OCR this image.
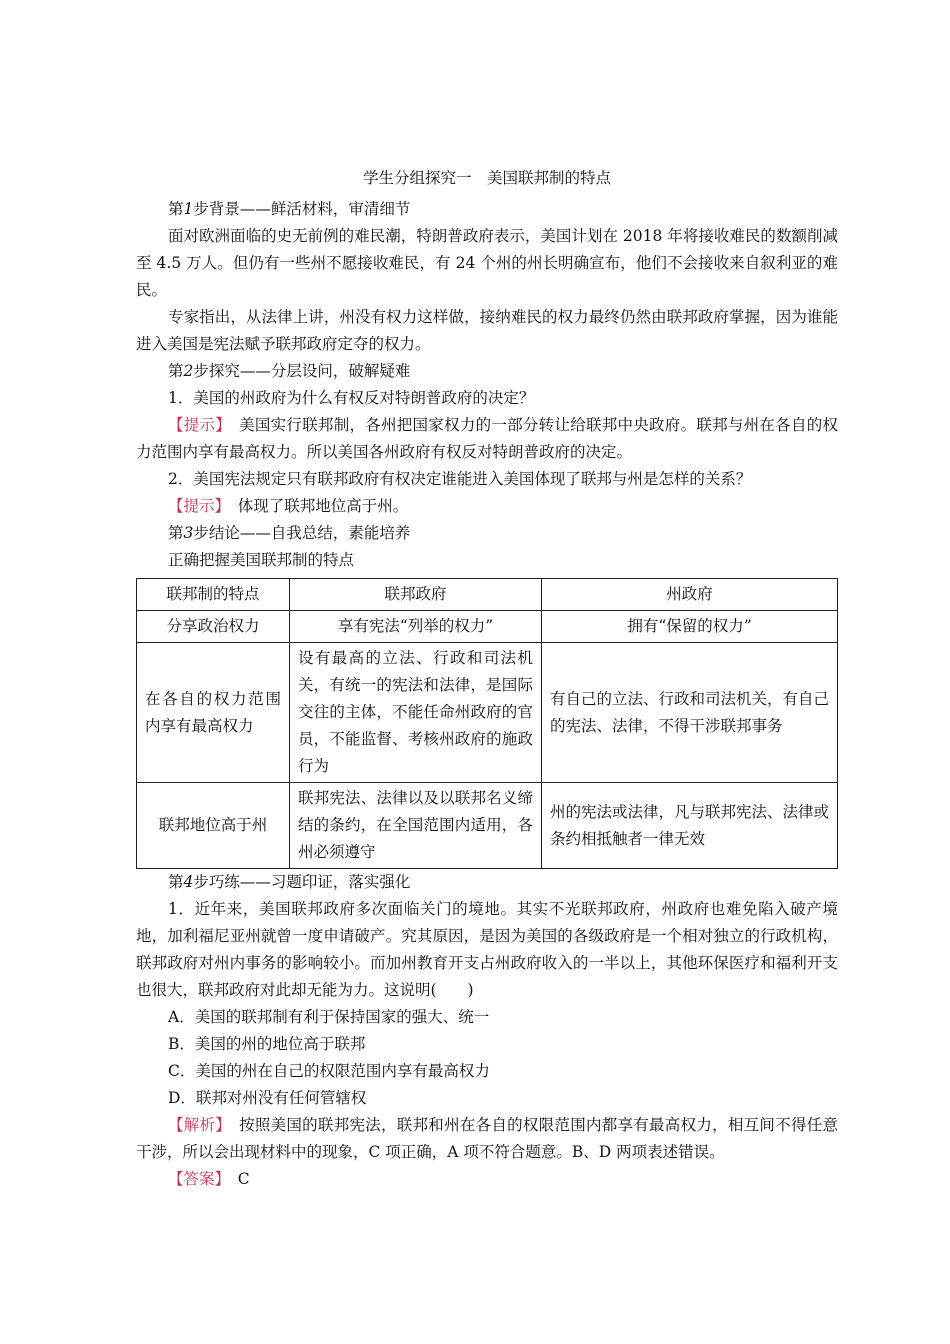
学生分组探究一　美国联邦制的特点

第1步背景——鲜活材料，审清细节

面对欧洲面临的史无前例的难民潮，特朗普政府表示，美国计划在 2018 年将接收难民的数额削减至 4.5 万人。但仍有一些州不愿接收难民，有 24 个州的州长明确宣布，他们不会接收来自叙利亚的难民。

专家指出，从法律上讲，州没有权力这样做，接纳难民的权力最终仍然由联邦政府掌握，因为谁能进入美国是宪法赋予联邦政府定夺的权力。

第2步探究——分层设问，破解疑难

1．美国的州政府为什么有权反对特朗普政府的决定？

【提示】　美国实行联邦制，各州把国家权力的一部分转让给联邦中央政府。联邦与州在各自的权力范围内享有最高权力。所以美国各州政府有权反对特朗普政府的决定。

2．美国宪法规定只有联邦政府有权决定谁能进入美国体现了联邦与州是怎样的关系？

【提示】　体现了联邦地位高于州。

第3步结论——自我总结，素能培养

正确把握美国联邦制的特点

联邦制的特点	联邦政府	州政府
分享政治权力	享有宪法“列举的权力”	拥有“保留的权力”
在各自的权力范围内享有最高权力	设有最高的立法、行政和司法机关，有统一的宪法和法律，是国际交往的主体，不能任命州政府的官员，不能监督、考核州政府的施政行为	有自己的立法、行政和司法机关，有自己的宪法、法律，不得干涉联邦事务
联邦地位高于州	联邦宪法、法律以及以联邦名义缔结的条约，在全国范围内适用，各州必须遵守	州的宪法或法律，凡与联邦宪法、法律或条约相抵触者一律无效

第4步巧练——习题印证，落实强化

1．近年来，美国联邦政府多次面临关门的境地。其实不光联邦政府，州政府也难免陷入破产境地，加利福尼亚州就曾一度申请破产。究其原因，是因为美国的各级政府是一个相对独立的行政机构，联邦政府对州内事务的影响较小。而加州教育开支占州政府收入的一半以上，其他环保医疗和福利开支也很大，联邦政府对此却无能为力。这说明(　　)

A．美国的联邦制有利于保持国家的强大、统一

B．美国的州的地位高于联邦

C．美国的州在自己的权限范围内享有最高权力

D．联邦对州没有任何管辖权

【解析】　按照美国的联邦宪法，联邦和州在各自的权限范围内都享有最高权力，相互间不得任意干涉，所以会出现材料中的现象，C 项正确，A 项不符合题意。B、D 两项表述错误。

【答案】　C
